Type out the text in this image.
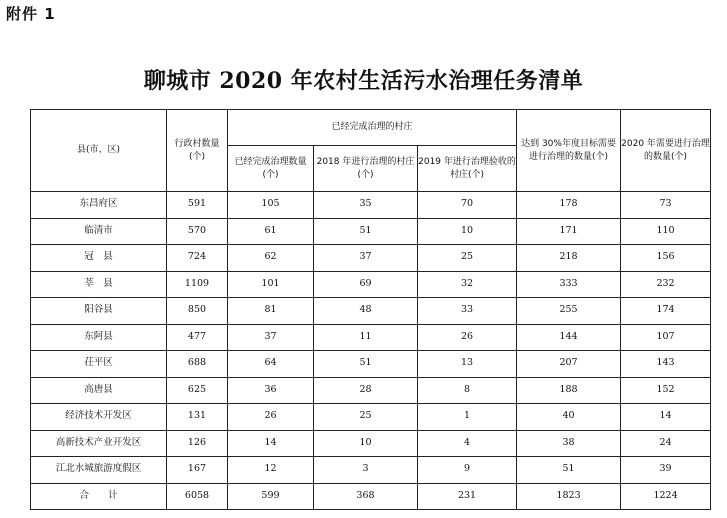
附件 1
聊城市 2020 年农村生活污水治理任务清单
县(市、区)	行政村数量(个)	已经完成治理的村庄			达到 30%年度目标需要进行治理的数量(个)	2020 年需要进行治理的数量(个)
		已经完成治理数量(个)	2018 年进行治理的村庄(个)	2019 年进行治理验收的村庄(个)		
东昌府区	591	105	35	70	178	73
临清市	570	61	51	10	171	110
冠　县	724	62	37	25	218	156
莘　县	1109	101	69	32	333	232
阳谷县	850	81	48	33	255	174
东阿县	477	37	11	26	144	107
茌平区	688	64	51	13	207	143
高唐县	625	36	28	8	188	152
经济技术开发区	131	26	25	1	40	14
高新技术产业开发区	126	14	10	4	38	24
江北水城旅游度假区	167	12	3	9	51	39
合　　计	6058	599	368	231	1823	1224
